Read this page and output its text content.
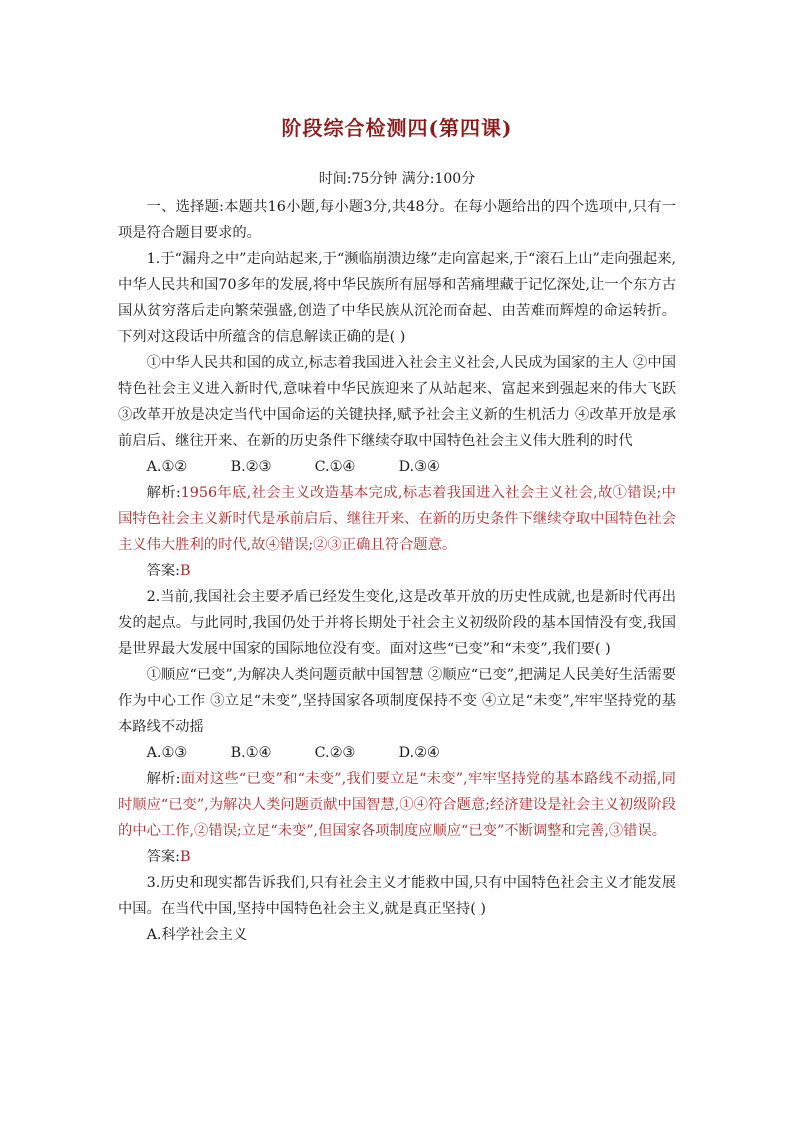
阶段综合检测四(第四课)
时间:75分钟 满分:100分

一、选择题:本题共16小题,每小题3分,共48分。在每小题给出的四个选项中,只有一项是符合题目要求的。

1.于“漏舟之中”走向站起来,于“濒临崩溃边缘”走向富起来,于“滚石上山”走向强起来,中华人民共和国70多年的发展,将中华民族所有屈辱和苦痛埋藏于记忆深处,让一个东方古国从贫穷落后走向繁荣强盛,创造了中华民族从沉沦而奋起、由苦难而辉煌的命运转折。下列对这段话中所蕴含的信息解读正确的是( )

①中华人民共和国的成立,标志着我国进入社会主义社会,人民成为国家的主人 ②中国特色社会主义进入新时代,意味着中华民族迎来了从站起来、富起来到强起来的伟大飞跃 ③改革开放是决定当代中国命运的关键抉择,赋予社会主义新的生机活力 ④改革开放是承前启后、继往开来、在新的历史条件下继续夺取中国特色社会主义伟大胜利的时代

A.①②	B.②③	C.①④	D.③④

解析:1956年底,社会主义改造基本完成,标志着我国进入社会主义社会,故①错误;中国特色社会主义新时代是承前启后、继往开来、在新的历史条件下继续夺取中国特色社会主义伟大胜利的时代,故④错误;②③正确且符合题意。

答案:B

2.当前,我国社会主要矛盾已经发生变化,这是改革开放的历史性成就,也是新时代再出发的起点。与此同时,我国仍处于并将长期处于社会主义初级阶段的基本国情没有变,我国是世界最大发展中国家的国际地位没有变。面对这些“已变”和“未变”,我们要( )

①顺应“已变”,为解决人类问题贡献中国智慧 ②顺应“已变”,把满足人民美好生活需要作为中心工作 ③立足“未变”,坚持国家各项制度保持不变 ④立足“未变”,牢牢坚持党的基本路线不动摇

A.①③	B.①④	C.②③	D.②④

解析:面对这些“已变”和“未变”,我们要立足“未变”,牢牢坚持党的基本路线不动摇,同时顺应“已变”,为解决人类问题贡献中国智慧,①④符合题意;经济建设是社会主义初级阶段的中心工作,②错误;立足“未变”,但国家各项制度应顺应“已变”不断调整和完善,③错误。

答案:B

3.历史和现实都告诉我们,只有社会主义才能救中国,只有中国特色社会主义才能发展中国。在当代中国,坚持中国特色社会主义,就是真正坚持( )

A.科学社会主义
